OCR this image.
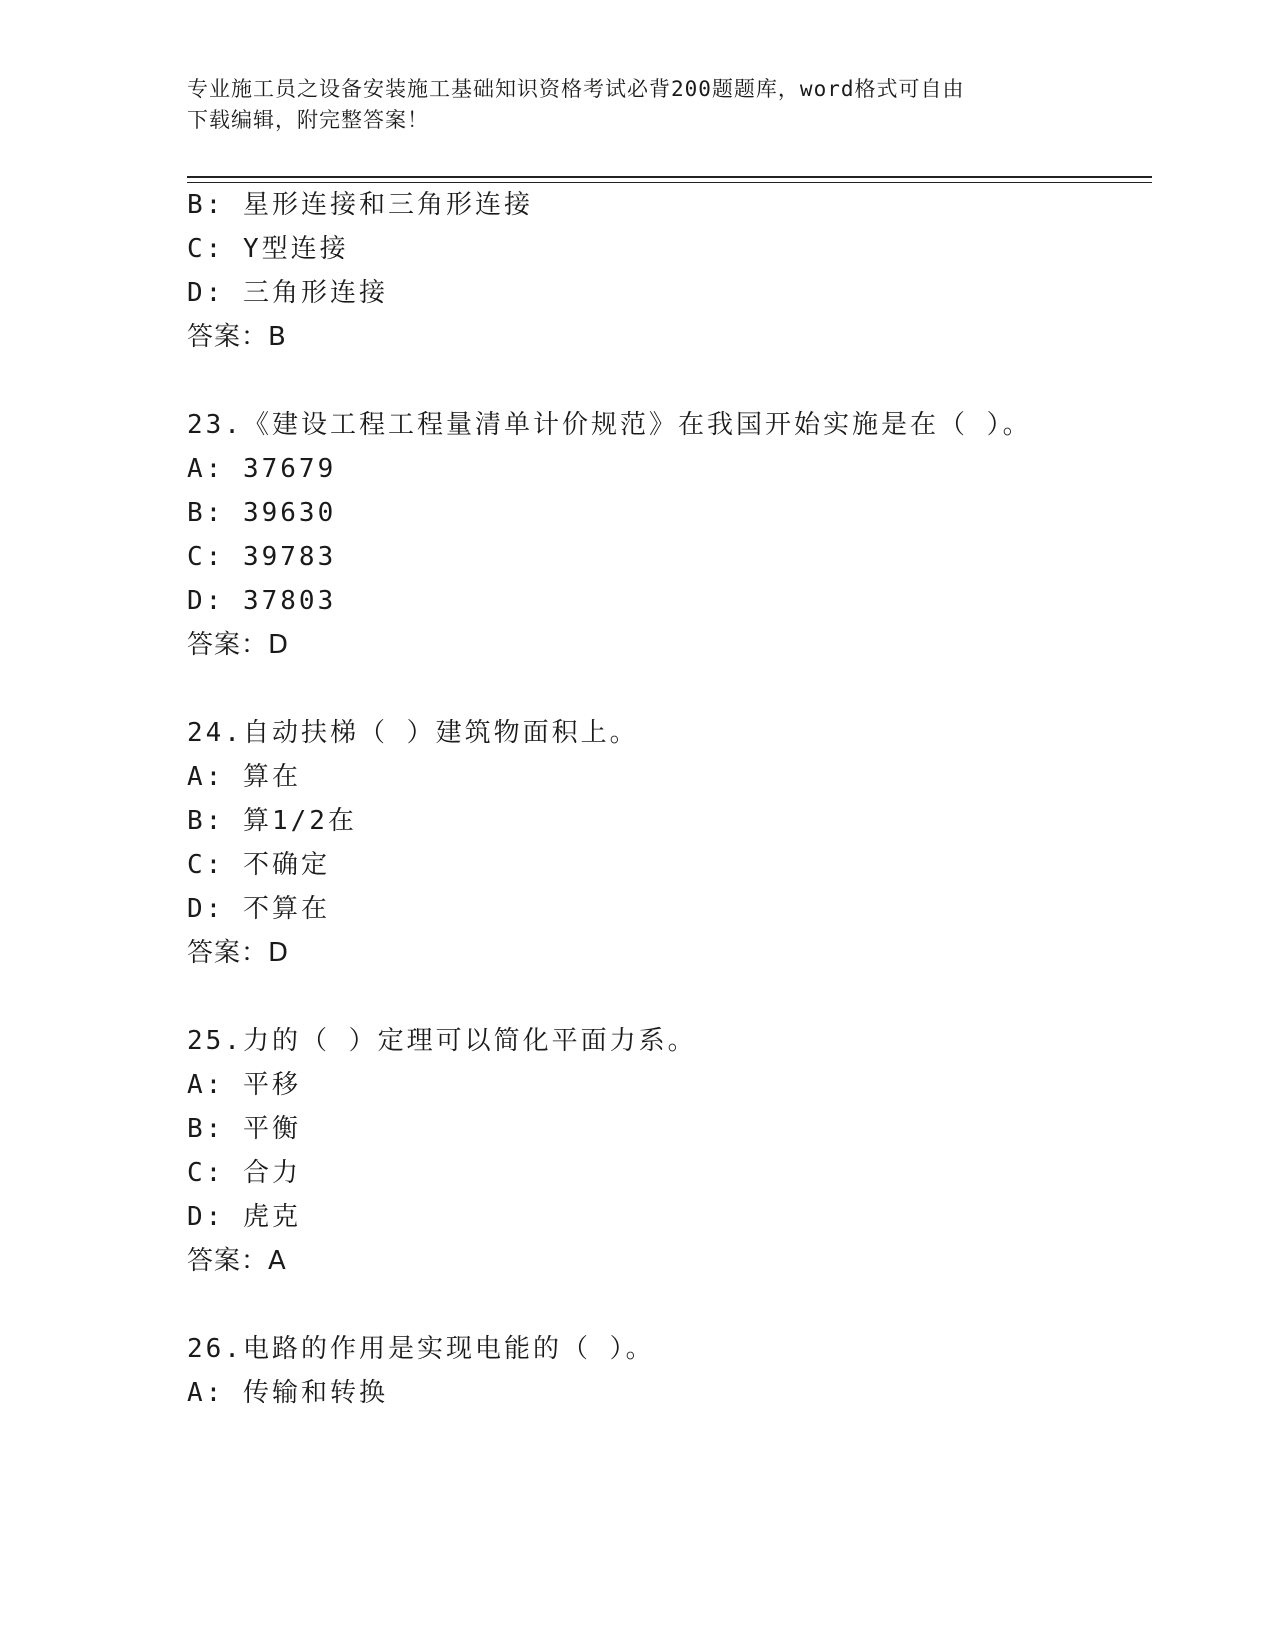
专业施工员之设备安装施工基础知识资格考试必背200题题库，word格式可自由
下载编辑，附完整答案！
B: 星形连接和三角形连接
C: Y型连接
D: 三角形连接
答案：B
23.《建设工程工程量清单计价规范》在我国开始实施是在（ ）。
A: 37679
B: 39630
C: 39783
D: 37803
答案：D
24.自动扶梯（ ）建筑物面积上。
A: 算在
B: 算1/2在
C: 不确定
D: 不算在
答案：D
25.力的（ ）定理可以简化平面力系。
A: 平移
B: 平衡
C: 合力
D: 虎克
答案：A
26.电路的作用是实现电能的（ ）。
A: 传输和转换
